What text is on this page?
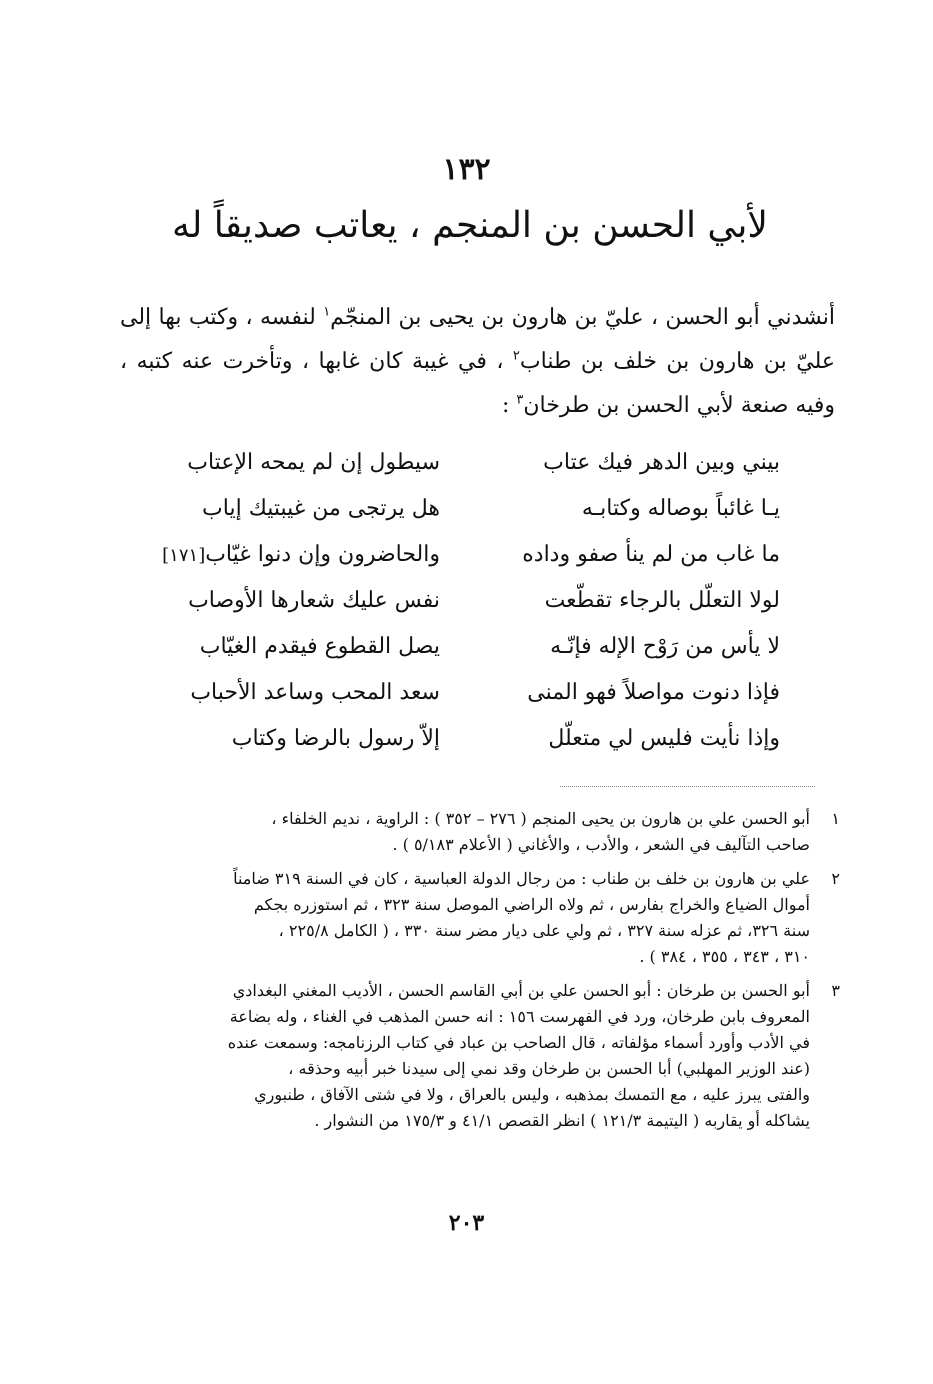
١٣٢
لأبي الحسن بن المنجم ، يعاتب صديقاً له

أنشدني أبو الحسن ، عليّ بن هارون بن يحيى بن المنجّم$^١$ لنفسه ، وكتب بها إلى عليّ بن هارون بن خلف بن طناب$^٢$ ، في غيبة كان غابها ، وتأخرت عنه كتبه ، وفيه صنعة لأبي الحسن بن طرخان$^٣$ :

بيني وبين الدهر فيك عتاب
سيطول إن لم يمحه الإعتاب
يـا غائباً بوصاله وكتابـه
هل يرتجى من غيبتيك إياب
ما غاب من لم ينأ صفو وداده
والحاضرون وإن دنوا غيّاب[١٧١]
لولا التعلّل بالرجاء تقطّعت
نفس عليك شعارها الأوصاب
لا يأس من رَوْح الإله فإنّـه
يصل القطوع فيقدم الغيّاب
فإذا دنوت مواصلاً فهو المنى
سعد المحب وساعد الأحباب
وإذا نأيت فليس لي متعلّل
إلاّ رسول بالرضا وكتاب
١
أبو الحسن علي بن هارون بن يحيى المنجم ( ٢٧٦ – ٣٥٢ ) : الراوية ، نديم الخلفاء ،
صاحب التآليف في الشعر ، والأدب ، والأغاني ( الأعلام ٥/١٨٣ ) .
٢
علي بن هارون بن خلف بن طناب : من رجال الدولة العباسية ، كان في السنة ٣١٩ ضامناً
أموال الضياع والخراج بفارس ، ثم ولاه الراضي الموصل سنة ٣٢٣ ، ثم استوزره بجكم
سنة ٣٢٦، ثم عزله سنة ٣٢٧ ، ثم ولي على ديار مضر سنة ٣٣٠ ، ( الكامل ٢٢٥/٨ ،
٣١٠ ، ٣٤٣ ، ٣٥٥ ، ٣٨٤ ) .
٣
أبو الحسن بن طرخان : أبو الحسن علي بن أبي القاسم الحسن ، الأديب المغني البغدادي
المعروف بابن طرخان، ورد في الفهرست ١٥٦ : انه حسن المذهب في الغناء ، وله بضاعة
في الأدب وأورد أسماء مؤلفاته ، قال الصاحب بن عباد في كتاب الرزنامجه: وسمعت عنده
(عند الوزير المهلبي) أبا الحسن بن طرخان وقد نمي إلى سيدنا خبر أبيه وحذقه ،
والفتى يبرز عليه ، مع التمسك بمذهبه ، وليس بالعراق ، ولا في شتى الآفاق ، طنبوري
يشاكله أو يقاربه ( اليتيمة ١٢١/٣ ) انظر القصص ٤١/١ و ١٧٥/٣ من النشوار .
٢٠٣
